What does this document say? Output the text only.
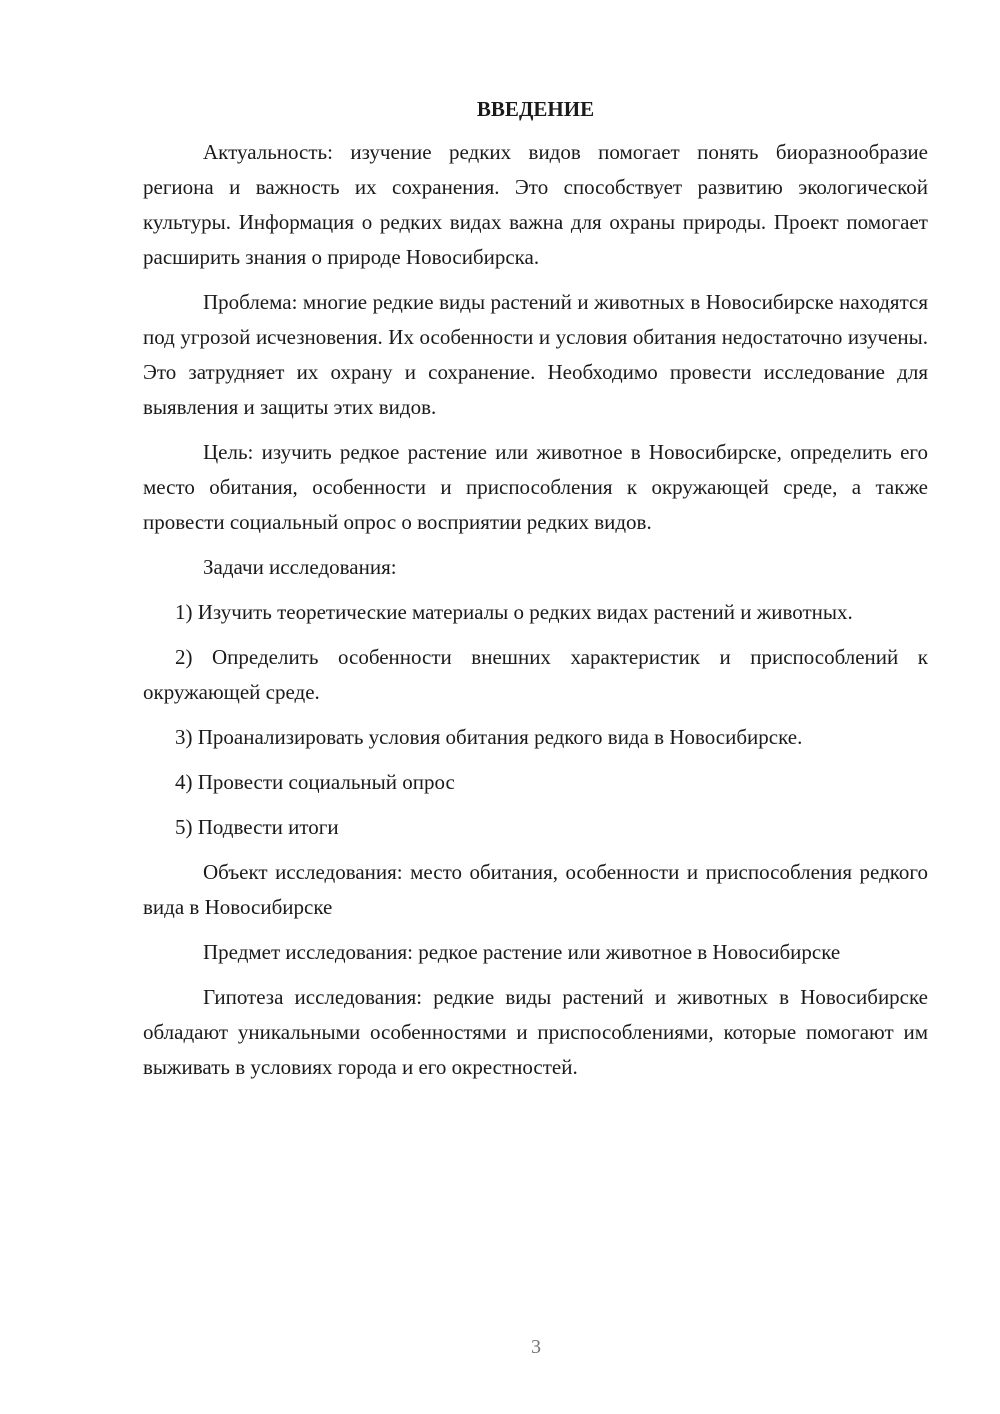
ВВЕДЕНИЕ

Актуальность: изучение редких видов помогает понять биоразнообразие региона и важность их сохранения. Это способствует развитию экологической культуры. Информация о редких видах важна для охраны природы. Проект помогает расширить знания о природе Новосибирска.

Проблема: многие редкие виды растений и животных в Новосибирске находятся под угрозой исчезновения. Их особенности и условия обитания недостаточно изучены. Это затрудняет их охрану и сохранение. Необходимо провести исследование для выявления и защиты этих видов.

Цель: изучить редкое растение или животное в Новосибирске, определить его место обитания, особенности и приспособления к окружающей среде, а также провести социальный опрос о восприятии редких видов.

Задачи исследования:

1) Изучить теоретические материалы о редких видах растений и животных.

2) Определить особенности внешних характеристик и приспособлений к окружающей среде.

3) Проанализировать условия обитания редкого вида в Новосибирске.

4) Провести социальный опрос

5) Подвести итоги

Объект исследования: место обитания, особенности и приспособления редкого вида в Новосибирске

Предмет исследования: редкое растение или животное в Новосибирске

Гипотеза исследования: редкие виды растений и животных в Новосибирске обладают уникальными особенностями и приспособлениями, которые помогают им выживать в условиях города и его окрестностей.

3
